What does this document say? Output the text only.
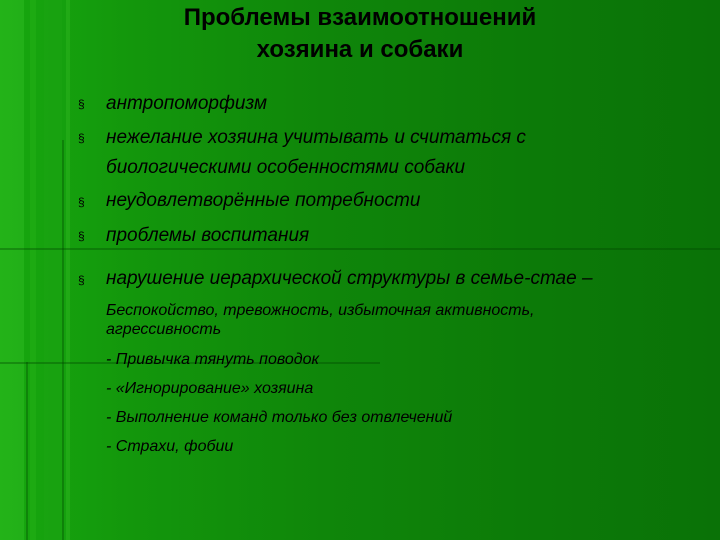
Проблемы взаимоотношений
хозяина и собаки
§ антропоморфизм
§ нежелание хозяина учитывать и считаться с
биологическими особенностями собаки
§ неудовлетворённые потребности
§ проблемы воспитания
§ нарушение иерархической структуры в семье-стае –
Беспокойство, тревожность, избыточная активность,
агрессивность
- Привычка тянуть поводок
- «Игнорирование» хозяина
- Выполнение команд только без отвлечений
- Страхи, фобии
